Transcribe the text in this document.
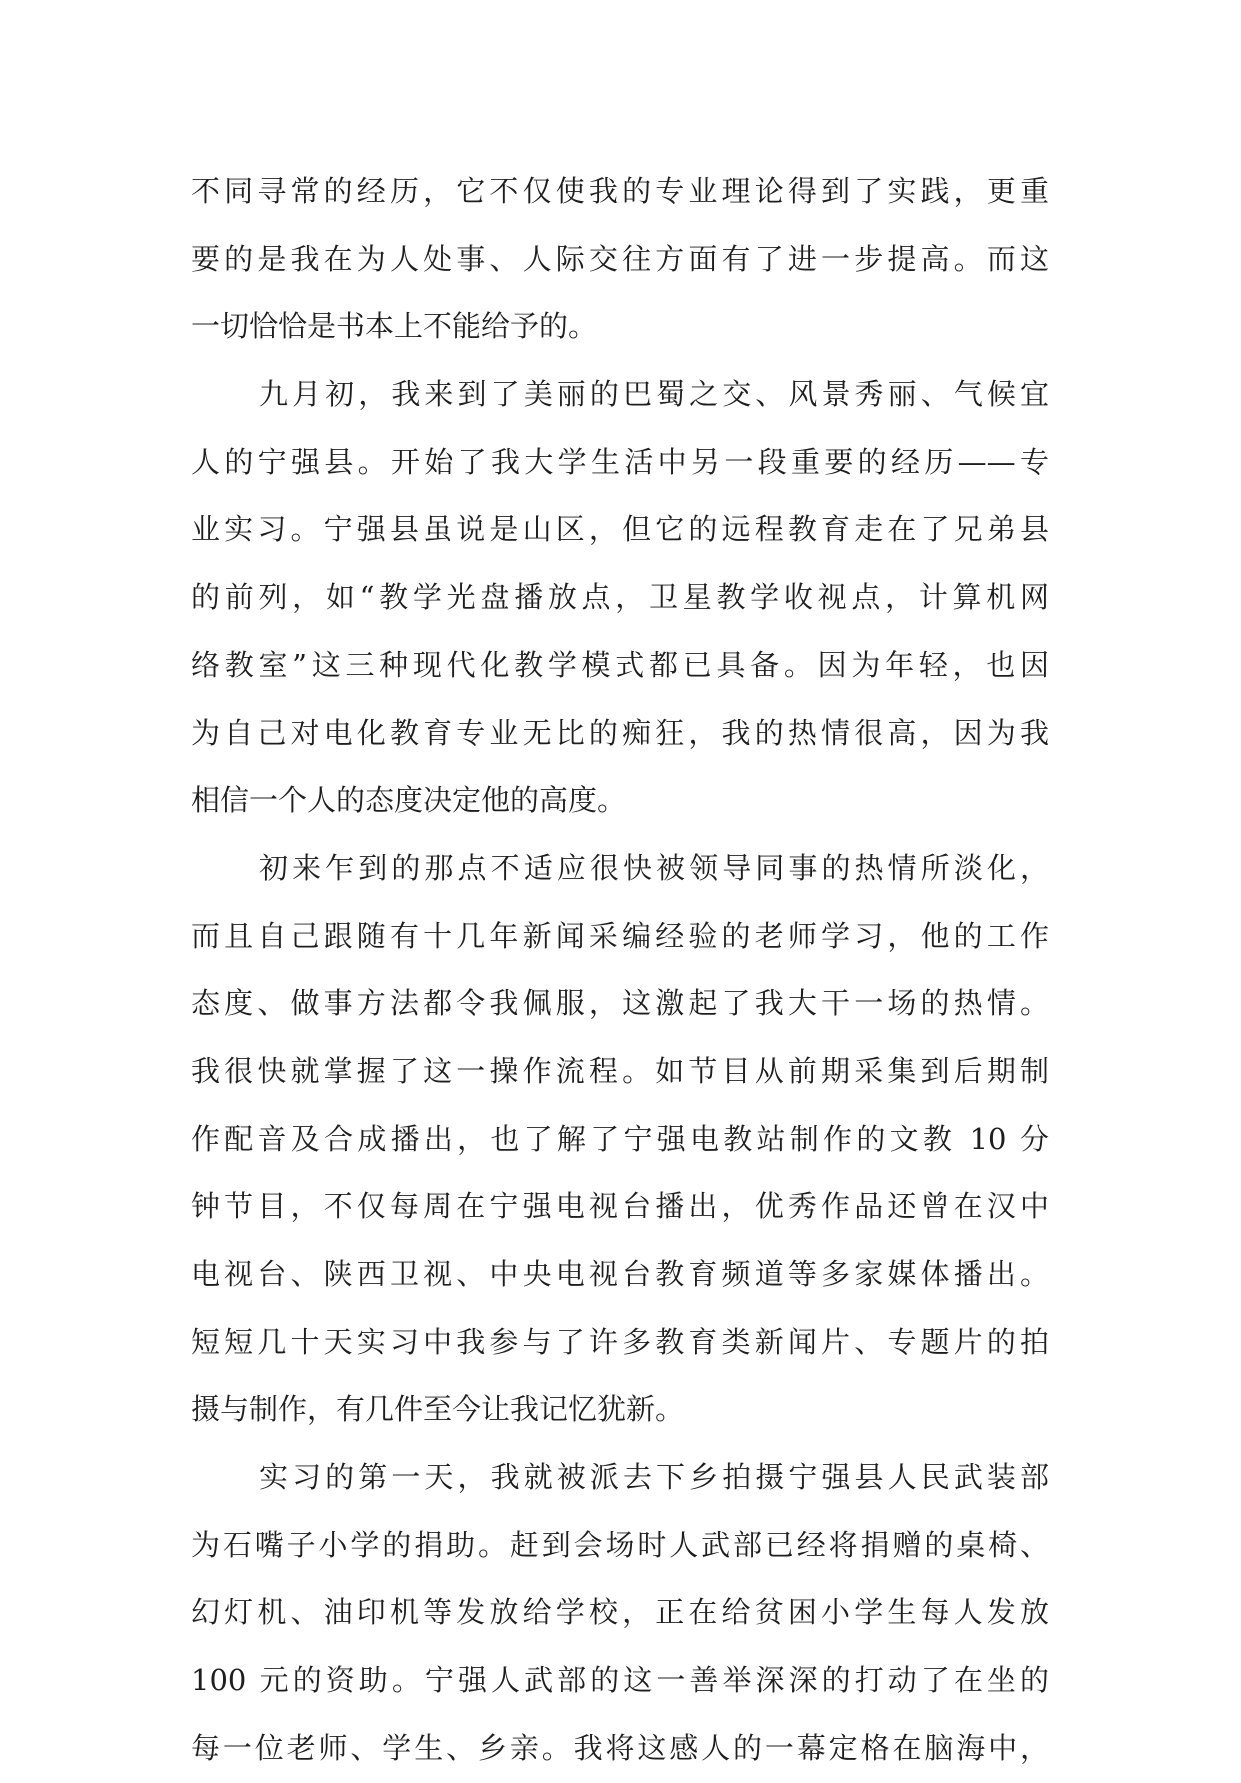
不同寻常的经历，它不仅使我的专业理论得到了实践，更重
要的是我在为人处事、人际交往方面有了进一步提高。而这
一切恰恰是书本上不能给予的。
九月初，我来到了美丽的巴蜀之交、风景秀丽、气候宜
人的宁强县。开始了我大学生活中另一段重要的经历——专
业实习。宁强县虽说是山区，但它的远程教育走在了兄弟县
的前列，如“教学光盘播放点，卫星教学收视点，计算机网
络教室”这三种现代化教学模式都已具备。因为年轻，也因
为自己对电化教育专业无比的痴狂，我的热情很高，因为我
相信一个人的态度决定他的高度。
初来乍到的那点不适应很快被领导同事的热情所淡化，
而且自己跟随有十几年新闻采编经验的老师学习，他的工作
态度、做事方法都令我佩服，这激起了我大干一场的热情。
我很快就掌握了这一操作流程。如节目从前期采集到后期制
作配音及合成播出，也了解了宁强电教站制作的文教 10 分
钟节目，不仅每周在宁强电视台播出，优秀作品还曾在汉中
电视台、陕西卫视、中央电视台教育频道等多家媒体播出。
短短几十天实习中我参与了许多教育类新闻片、专题片的拍
摄与制作，有几件至今让我记忆犹新。
实习的第一天，我就被派去下乡拍摄宁强县人民武装部
为石嘴子小学的捐助。赶到会场时人武部已经将捐赠的桌椅、
幻灯机、油印机等发放给学校，正在给贫困小学生每人发放
100 元的资助。宁强人武部的这一善举深深的打动了在坐的
每一位老师、学生、乡亲。我将这感人的一幕定格在脑海中，
